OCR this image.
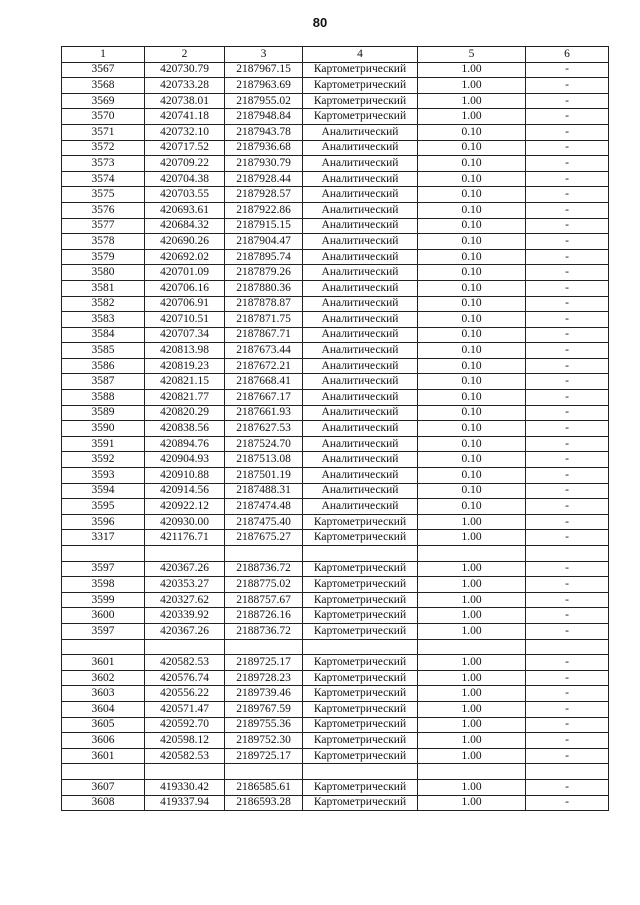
80
1	2	3	4	5	6
3567	420730.79	2187967.15	Картометрический	1.00	-
3568	420733.28	2187963.69	Картометрический	1.00	-
3569	420738.01	2187955.02	Картометрический	1.00	-
3570	420741.18	2187948.84	Картометрический	1.00	-
3571	420732.10	2187943.78	Аналитический	0.10	-
3572	420717.52	2187936.68	Аналитический	0.10	-
3573	420709.22	2187930.79	Аналитический	0.10	-
3574	420704.38	2187928.44	Аналитический	0.10	-
3575	420703.55	2187928.57	Аналитический	0.10	-
3576	420693.61	2187922.86	Аналитический	0.10	-
3577	420684.32	2187915.15	Аналитический	0.10	-
3578	420690.26	2187904.47	Аналитический	0.10	-
3579	420692.02	2187895.74	Аналитический	0.10	-
3580	420701.09	2187879.26	Аналитический	0.10	-
3581	420706.16	2187880.36	Аналитический	0.10	-
3582	420706.91	2187878.87	Аналитический	0.10	-
3583	420710.51	2187871.75	Аналитический	0.10	-
3584	420707.34	2187867.71	Аналитический	0.10	-
3585	420813.98	2187673.44	Аналитический	0.10	-
3586	420819.23	2187672.21	Аналитический	0.10	-
3587	420821.15	2187668.41	Аналитический	0.10	-
3588	420821.77	2187667.17	Аналитический	0.10	-
3589	420820.29	2187661.93	Аналитический	0.10	-
3590	420838.56	2187627.53	Аналитический	0.10	-
3591	420894.76	2187524.70	Аналитический	0.10	-
3592	420904.93	2187513.08	Аналитический	0.10	-
3593	420910.88	2187501.19	Аналитический	0.10	-
3594	420914.56	2187488.31	Аналитический	0.10	-
3595	420922.12	2187474.48	Аналитический	0.10	-
3596	420930.00	2187475.40	Картометрический	1.00	-
3317	421176.71	2187675.27	Картометрический	1.00	-

3597	420367.26	2188736.72	Картометрический	1.00	-
3598	420353.27	2188775.02	Картометрический	1.00	-
3599	420327.62	2188757.67	Картометрический	1.00	-
3600	420339.92	2188726.16	Картометрический	1.00	-
3597	420367.26	2188736.72	Картометрический	1.00	-

3601	420582.53	2189725.17	Картометрический	1.00	-
3602	420576.74	2189728.23	Картометрический	1.00	-
3603	420556.22	2189739.46	Картометрический	1.00	-
3604	420571.47	2189767.59	Картометрический	1.00	-
3605	420592.70	2189755.36	Картометрический	1.00	-
3606	420598.12	2189752.30	Картометрический	1.00	-
3601	420582.53	2189725.17	Картометрический	1.00	-

3607	419330.42	2186585.61	Картометрический	1.00	-
3608	419337.94	2186593.28	Картометрический	1.00	-
